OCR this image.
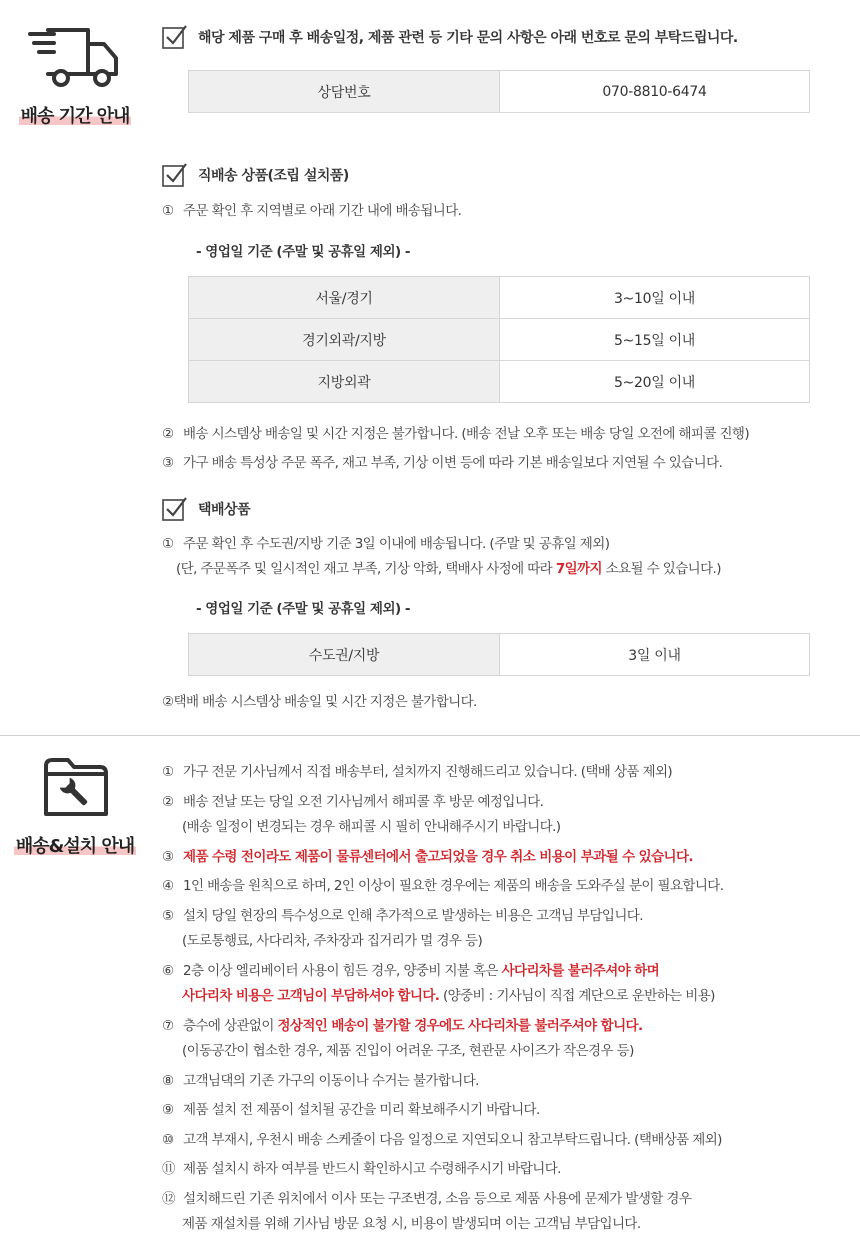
배송 기간 안내
해당 제품 구매 후 배송일정, 제품 관련 등 기타 문의 사항은 아래 번호로 문의 부탁드립니다.
상담번호	070-8810-6474
직배송 상품(조립 설치품)
① 주문 확인 후 지역별로 아래 기간 내에 배송됩니다.
- 영업일 기준 (주말 및 공휴일 제외) -
서울/경기	3~10일 이내
경기외곽/지방	5~15일 이내
지방외곽	5~20일 이내
② 배송 시스템상 배송일 및 시간 지정은 불가합니다. (배송 전날 오후 또는 배송 당일 오전에 해피콜 진행)
③ 가구 배송 특성상 주문 폭주, 재고 부족, 기상 이변 등에 따라 기본 배송일보다 지연될 수 있습니다.
택배상품
① 주문 확인 후 수도권/지방 기준 3일 이내에 배송됩니다. (주말 및 공휴일 제외)
(단, 주문폭주 및 일시적인 재고 부족, 기상 악화, 택배사 사정에 따라 7일까지 소요될 수 있습니다.)
- 영업일 기준 (주말 및 공휴일 제외) -
수도권/지방	3일 이내
②택배 배송 시스템상 배송일 및 시간 지정은 불가합니다.
배송&설치 안내
① 가구 전문 기사님께서 직접 배송부터, 설치까지 진행해드리고 있습니다. (택배 상품 제외)
② 배송 전날 또는 당일 오전 기사님께서 해피콜 후 방문 예정입니다.
(배송 일정이 변경되는 경우 해피콜 시 필히 안내해주시기 바랍니다.)
③ 제품 수령 전이라도 제품이 물류센터에서 출고되었을 경우 취소 비용이 부과될 수 있습니다.
④ 1인 배송을 원칙으로 하며, 2인 이상이 필요한 경우에는 제품의 배송을 도와주실 분이 필요합니다.
⑤ 설치 당일 현장의 특수성으로 인해 추가적으로 발생하는 비용은 고객님 부담입니다.
(도로통행료, 사다리차, 주차장과 집거리가 멀 경우 등)
⑥ 2층 이상 엘리베이터 사용이 힘든 경우, 양중비 지불 혹은 사다리차를 불러주셔야 하며
사다리차 비용은 고객님이 부담하셔야 합니다. (양중비 : 기사님이 직접 계단으로 운반하는 비용)
⑦ 층수에 상관없이 정상적인 배송이 불가할 경우에도 사다리차를 불러주셔야 합니다.
(이동공간이 협소한 경우, 제품 진입이 어려운 구조, 현관문 사이즈가 작은경우 등)
⑧ 고객님댁의 기존 가구의 이동이나 수거는 불가합니다.
⑨ 제품 설치 전 제품이 설치될 공간을 미리 확보해주시기 바랍니다.
⑩ 고객 부재시, 우천시 배송 스케줄이 다음 일정으로 지연되오니 참고부탁드립니다. (택배상품 제외)
⑪ 제품 설치시 하자 여부를 반드시 확인하시고 수령해주시기 바랍니다.
⑫ 설치해드린 기존 위치에서 이사 또는 구조변경, 소음 등으로 제품 사용에 문제가 발생할 경우
제품 재설치를 위해 기사님 방문 요청 시, 비용이 발생되며 이는 고객님 부담입니다.
